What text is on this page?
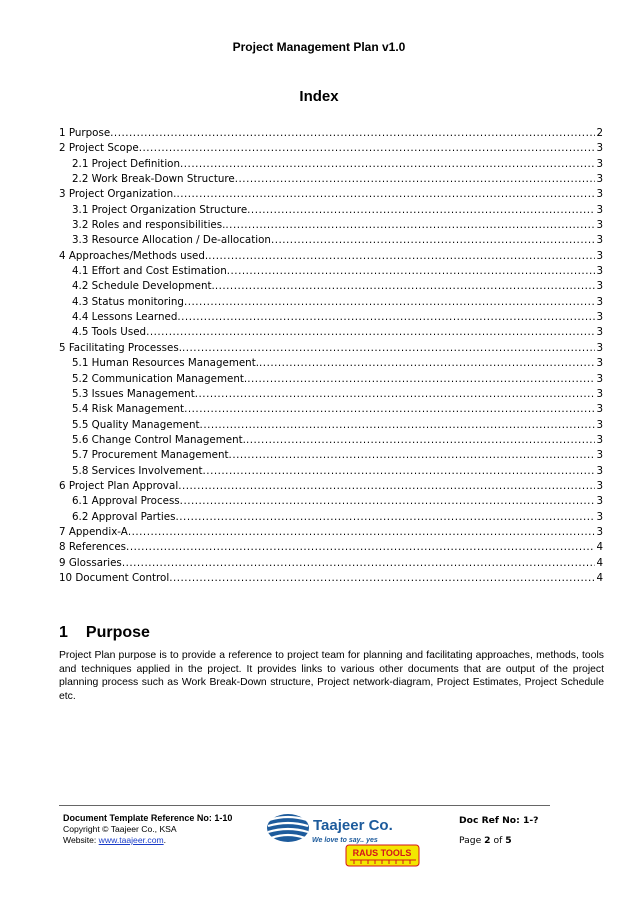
Project Management Plan v1.0
Index
1 Purpose .....	2
2 Project Scope .....	3
2.1 Project Definition .....	3
2.2 Work Break-Down Structure .....	3
3 Project Organization. .....	3
3.1 Project Organization Structure .....	3
3.2 Roles and responsibilities. .....	3
3.3 Resource Allocation / De-allocation .....	3
4 Approaches/Methods used. .....	3
4.1 Effort and Cost Estimation .....	3
4.2 Schedule Development. .....	3
4.3 Status monitoring .....	3
4.4 Lessons Learned .....	3
4.5 Tools Used .....	3
5 Facilitating Processes. .....	3
5.1 Human Resources Management. .....	3
5.2 Communication Management. .....	3
5.3 Issues Management .....	3
5.4 Risk Management .....	3
5.5 Quality Management .....	3
5.6 Change Control Management. .....	3
5.7 Procurement Management .....	3
5.8 Services Involvement .....	3
6 Project Plan Approval .....	3
6.1 Approval Process .....	3
6.2 Approval Parties .....	3
7 Appendix-A .....	3
8 References .....	4
9 Glossaries .....	4
10 Document Control .....	4
1 Purpose
Project Plan purpose is to provide a reference to project team for planning and facilitating approaches, methods, tools and techniques applied in the project. It provides links to various other documents that are output of the project planning process such as Work Break-Down structure, Project network-diagram, Project Estimates, Project Schedule etc.
Document Template Reference No: 1-10
Copyright © Taajeer Co., KSA
Website: www.taajeer.com.
Taajeer Co.
We love to say.. yes
RAUS TOOLS
Doc Ref No: 1-?
Page 2 of 5
